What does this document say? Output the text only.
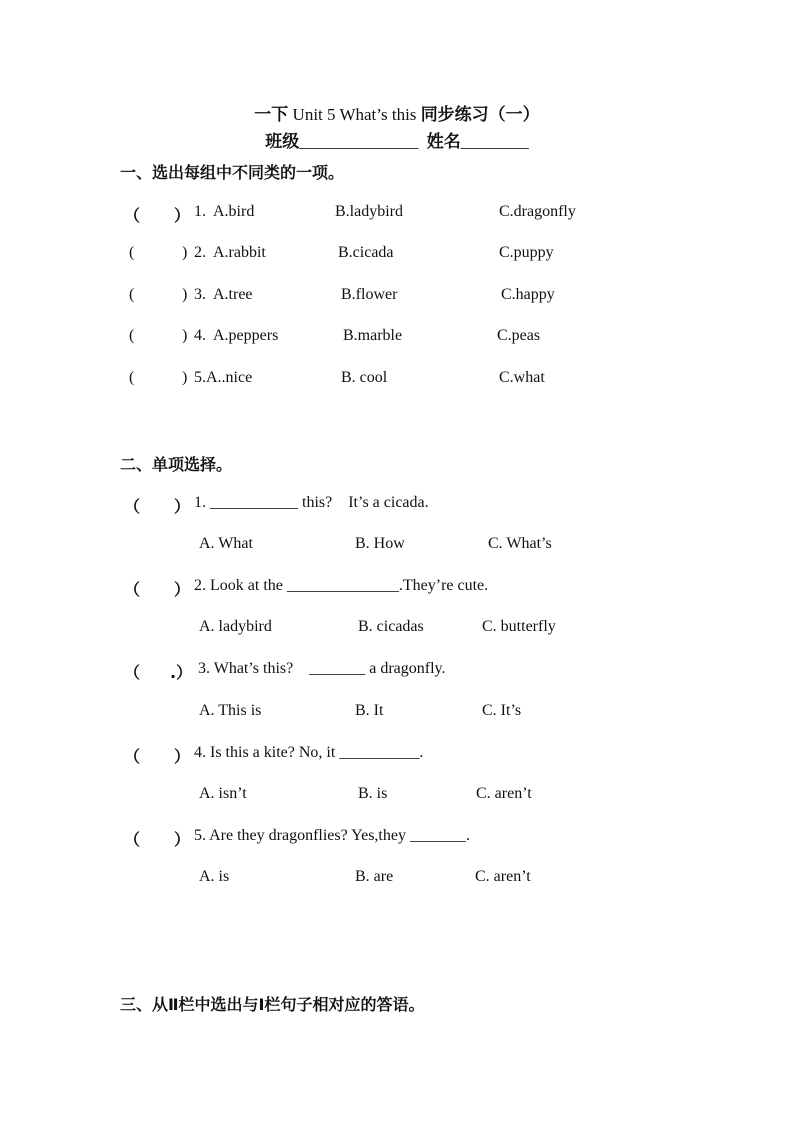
一下 Unit 5 What’s this 同步练习（一）
班级______________ 姓名________
一、选出每组中不同类的一项。
（ ） 1. A.bird	B.ladybird	C.dragonfly
(	) 2. A.rabbit	B.cicada	C.puppy
(	) 3. A.tree	B.flower	C.happy
(	) 4. A.peppers	B.marble	C.peas
(	) 5. A..nice	B. cool	C.what
二、单项选择。
（ ） 1. ___________ this?    It’s a cicada.
A. What	B. How	C. What’s
（ ） 2. Look at the ______________.They’re cute.
A. ladybird	B. cicadas	C. butterfly
（ .） 3. What’s this?    _______ a dragonfly.
A. This is	B. It	C. It’s
（ ） 4. Is this a kite? No, it __________.
A. isn’t	B. is	C. aren’t
（ ） 5. Are they dragonflies? Yes,they _______.
A. is	B. are	C. aren’t
三、从Ⅱ栏中选出与Ⅰ栏句子相对应的答语。
